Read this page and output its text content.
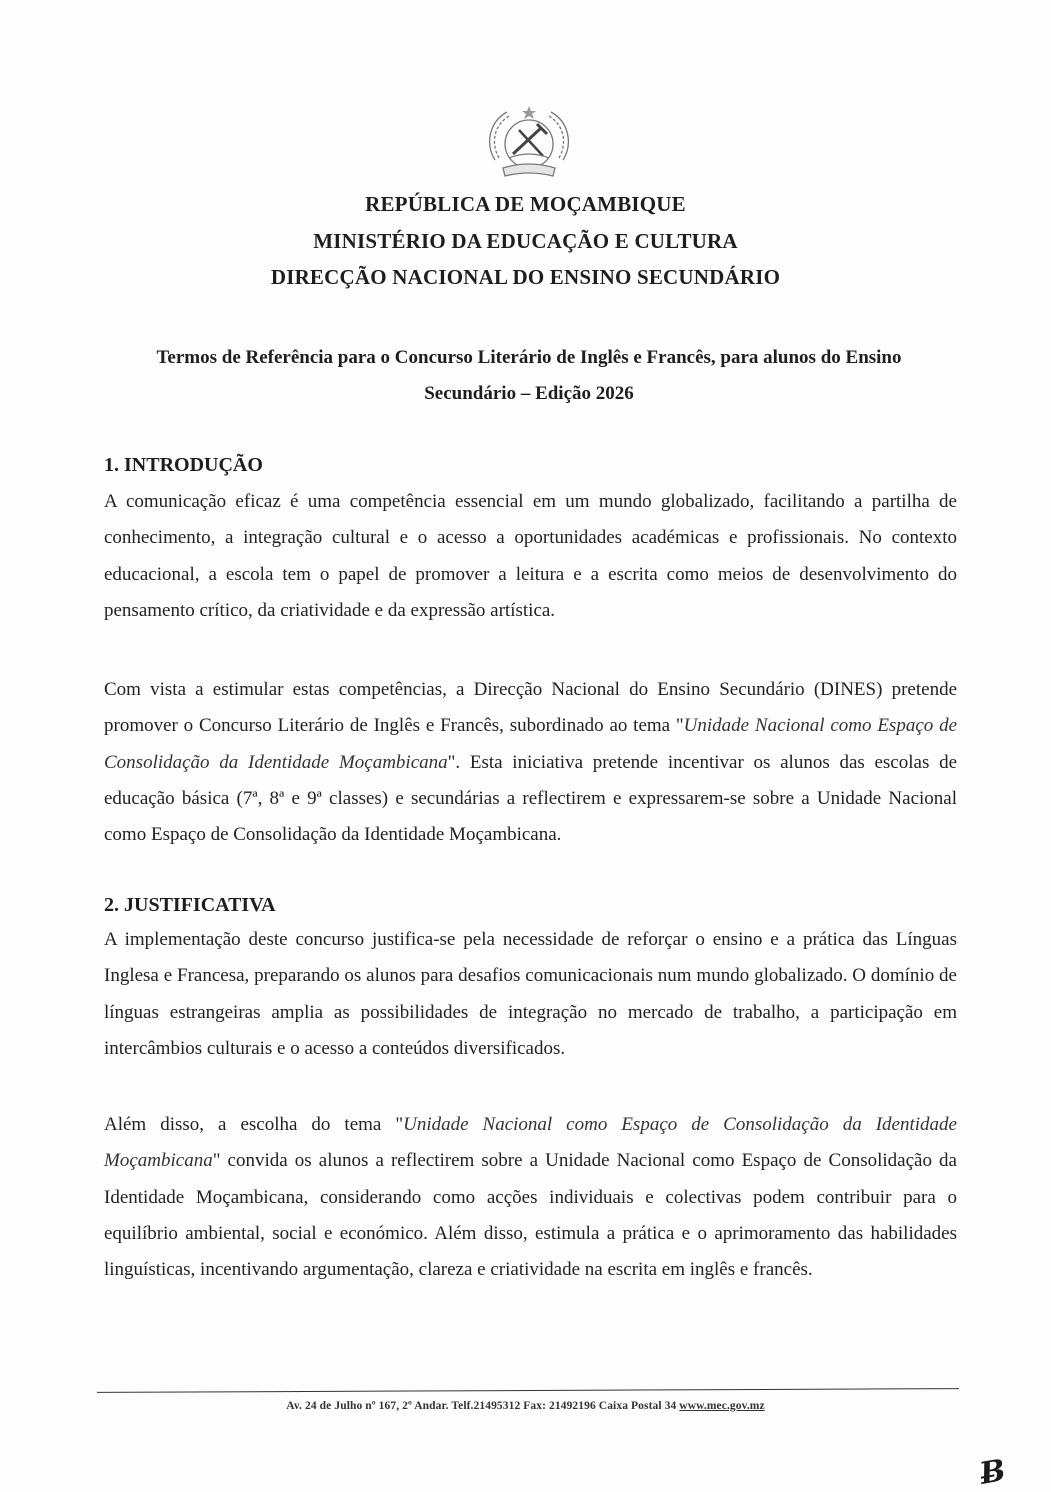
REPÚBLICA DE MOÇAMBIQUE
MINISTÉRIO DA EDUCAÇÃO E CULTURA
DIRECÇÃO NACIONAL DO ENSINO SECUNDÁRIO
Termos de Referência para o Concurso Literário de Inglês e Francês, para alunos do Ensino
Secundário – Edição 2026
1. INTRODUÇÃO
A comunicação eficaz é uma competência essencial em um mundo globalizado, facilitando a partilha de conhecimento, a integração cultural e o acesso a oportunidades académicas e profissionais. No contexto educacional, a escola tem o papel de promover a leitura e a escrita como meios de desenvolvimento do pensamento crítico, da criatividade e da expressão artística.
Com vista a estimular estas competências, a Direcção Nacional do Ensino Secundário (DINES) pretende promover o Concurso Literário de Inglês e Francês, subordinado ao tema "Unidade Nacional como Espaço de Consolidação da Identidade Moçambicana". Esta iniciativa pretende incentivar os alunos das escolas de educação básica (7ª, 8ª e 9ª classes) e secundárias a reflectirem e expressarem-se sobre a Unidade Nacional como Espaço de Consolidação da Identidade Moçambicana.
2. JUSTIFICATIVA
A implementação deste concurso justifica-se pela necessidade de reforçar o ensino e a prática das Línguas Inglesa e Francesa, preparando os alunos para desafios comunicacionais num mundo globalizado. O domínio de línguas estrangeiras amplia as possibilidades de integração no mercado de trabalho, a participação em intercâmbios culturais e o acesso a conteúdos diversificados.
Além disso, a escolha do tema "Unidade Nacional como Espaço de Consolidação da Identidade Moçambicana" convida os alunos a reflectirem sobre a Unidade Nacional como Espaço de Consolidação da Identidade Moçambicana, considerando como acções individuais e colectivas podem contribuir para o equilíbrio ambiental, social e económico. Além disso, estimula a prática e o aprimoramento das habilidades linguísticas, incentivando argumentação, clareza e criatividade na escrita em inglês e francês.
Av. 24 de Julho nº 167, 2º Andar. Telf.21495312 Fax: 21492196 Caixa Postal 34 www.mec.gov.mz
Ƀ
